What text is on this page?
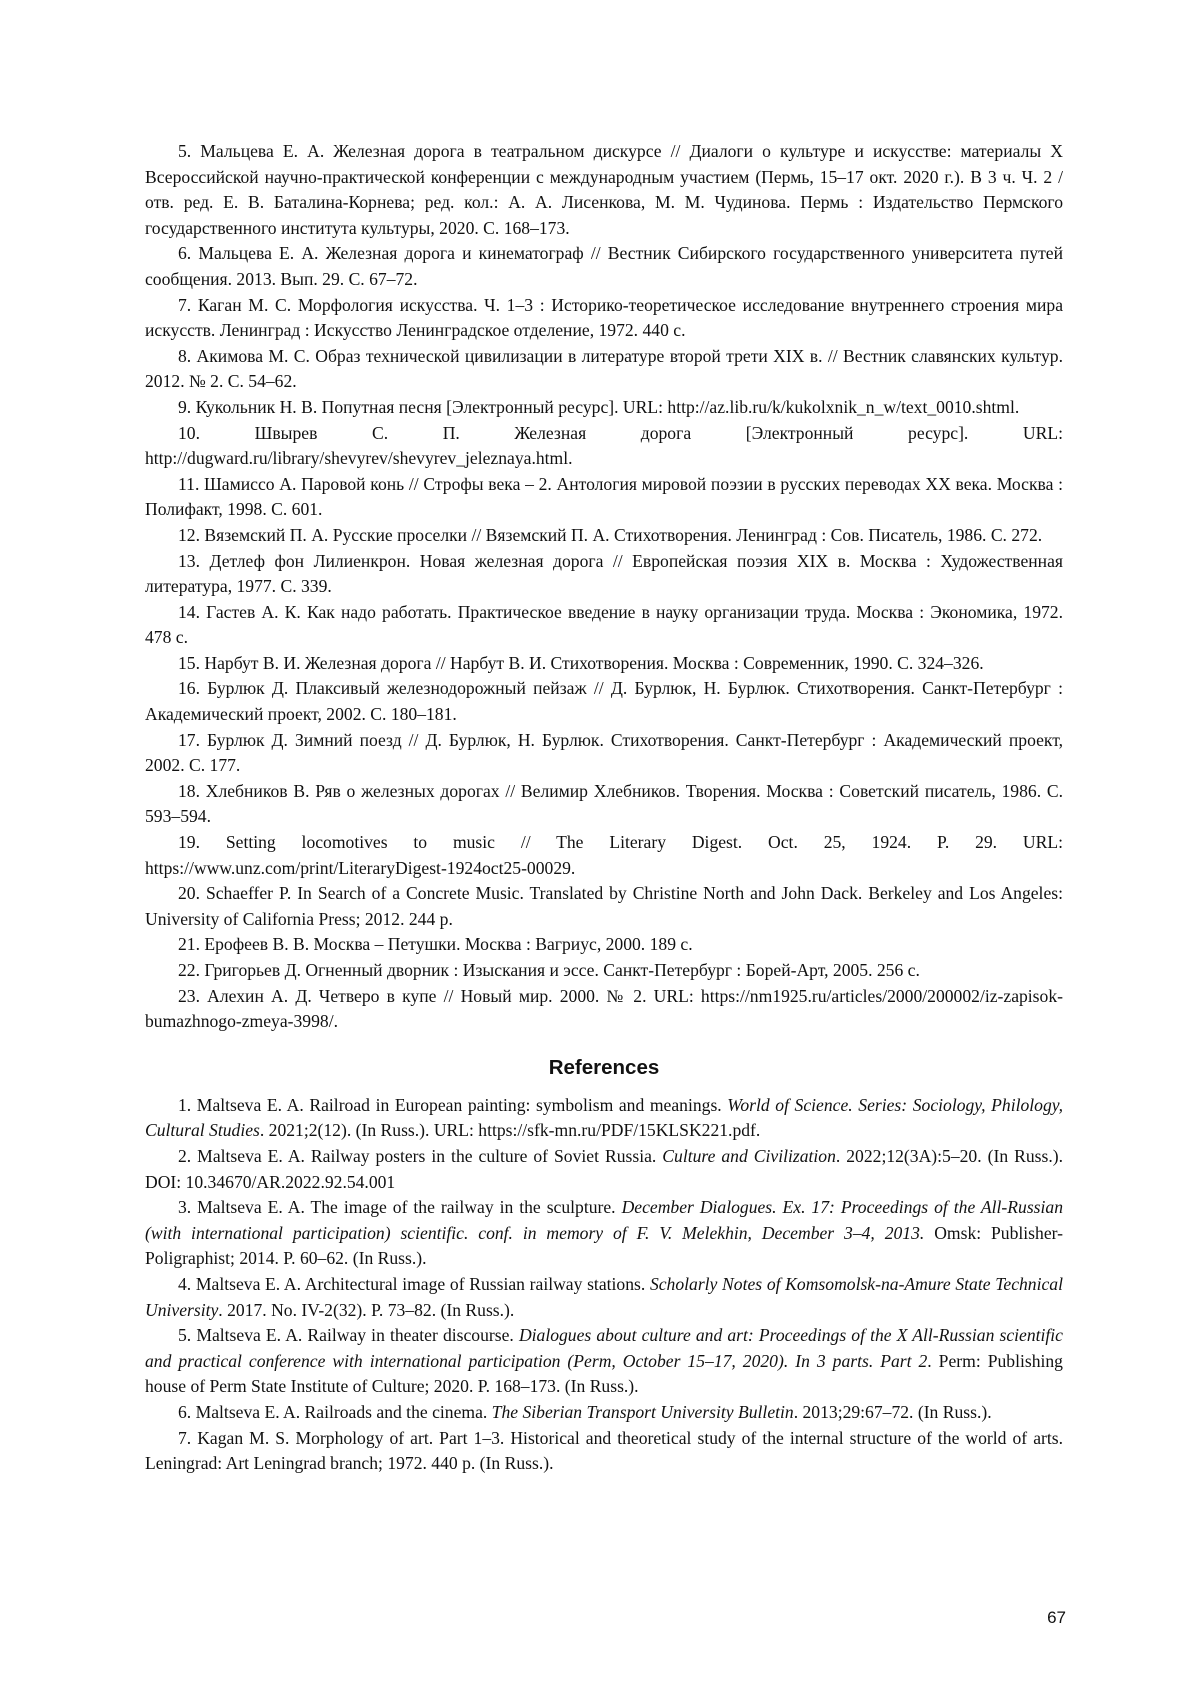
5. Мальцева Е. А. Железная дорога в театральном дискурсе // Диалоги о культуре и искусстве: материалы X Всероссийской научно-практической конференции с международным участием (Пермь, 15–17 окт. 2020 г.). В 3 ч. Ч. 2 / отв. ред. Е. В. Баталина-Корнева; ред. кол.: А. А. Лисенкова, М. М. Чудинова. Пермь : Издательство Пермского государственного института культуры, 2020. С. 168–173.

6. Мальцева Е. А. Железная дорога и кинематограф // Вестник Сибирского государственного университета путей сообщения. 2013. Вып. 29. С. 67–72.

7. Каган М. С. Морфология искусства. Ч. 1–3 : Историко-теоретическое исследование внутреннего строения мира искусств. Ленинград : Искусство Ленинградское отделение, 1972. 440 с.

8. Акимова М. С. Образ технической цивилизации в литературе второй трети XIX в. // Вестник славянских культур. 2012. № 2. С. 54–62.

9. Кукольник Н. В. Попутная песня [Электронный ресурс]. URL: http://az.lib.ru/k/kukolxnik_n_w/text_0010.shtml.

10. Швырев С. П. Железная дорога [Электронный ресурс]. URL: http://dugward.ru/library/shevyrev/shevyrev_jeleznaya.html.

11. Шамиссо А. Паровой конь // Строфы века – 2. Антология мировой поэзии в русских переводах XX века. Москва : Полифакт, 1998. С. 601.

12. Вяземский П. А. Русские проселки // Вяземский П. А. Стихотворения. Ленинград : Сов. Писатель, 1986. С. 272.

13. Детлеф фон Лилиенкрон. Новая железная дорога // Европейская поэзия XIX в. Москва : Художественная литература, 1977. С. 339.

14. Гастев А. К. Как надо работать. Практическое введение в науку организации труда. Москва : Экономика, 1972. 478 с.

15. Нарбут В. И. Железная дорога // Нарбут В. И. Стихотворения. Москва : Современник, 1990. С. 324–326.

16. Бурлюк Д. Плаксивый железнодорожный пейзаж // Д. Бурлюк, Н. Бурлюк. Стихотворения. Санкт-Петербург : Академический проект, 2002. С. 180–181.

17. Бурлюк Д. Зимний поезд // Д. Бурлюк, Н. Бурлюк. Стихотворения. Санкт-Петербург : Академический проект, 2002. С. 177.

18. Хлебников В. Ряв о железных дорогах // Велимир Хлебников. Творения. Москва : Советский писатель, 1986. С. 593–594.

19. Setting locomotives to music // The Literary Digest. Oct. 25, 1924. P. 29. URL: https://www.unz.com/print/LiteraryDigest-1924oct25-00029.

20. Schaeffer P. In Search of a Concrete Music. Translated by Christine North and John Dack. Berkeley and Los Angeles: University of California Press; 2012. 244 p.

21. Ерофеев В. В. Москва – Петушки. Москва : Вагриус, 2000. 189 с.

22. Григорьев Д. Огненный дворник : Изыскания и эссе. Санкт-Петербург : Борей-Арт, 2005. 256 с.

23. Алехин А. Д. Четверо в купе // Новый мир. 2000. № 2. URL: https://nm1925.ru/articles/2000/200002/iz-zapisok-bumazhnogo-zmeya-3998/.

References

1. Maltseva E. A. Railroad in European painting: symbolism and meanings. World of Science. Series: Sociology, Philology, Cultural Studies. 2021;2(12). (In Russ.). URL: https://sfk-mn.ru/PDF/15KLSK221.pdf.

2. Maltseva E. A. Railway posters in the culture of Soviet Russia. Culture and Civilization. 2022;12(3A):5–20. (In Russ.). DOI: 10.34670/AR.2022.92.54.001

3. Maltseva E. A. The image of the railway in the sculpture. December Dialogues. Ex. 17: Proceedings of the All-Russian (with international participation) scientific. conf. in memory of F. V. Melekhin, December 3–4, 2013. Omsk: Publisher-Poligraphist; 2014. P. 60–62. (In Russ.).

4. Maltseva E. A. Architectural image of Russian railway stations. Scholarly Notes of Komsomolsk-na-Amure State Technical University. 2017. No. IV-2(32). P. 73–82. (In Russ.).

5. Maltseva E. A. Railway in theater discourse. Dialogues about culture and art: Proceedings of the X All-Russian scientific and practical conference with international participation (Perm, October 15–17, 2020). In 3 parts. Part 2. Perm: Publishing house of Perm State Institute of Culture; 2020. P. 168–173. (In Russ.).

6. Maltseva E. A. Railroads and the cinema. The Siberian Transport University Bulletin. 2013;29:67–72. (In Russ.).

7. Kagan M. S. Morphology of art. Part 1–3. Historical and theoretical study of the internal structure of the world of arts. Leningrad: Art Leningrad branch; 1972. 440 p. (In Russ.).

67
